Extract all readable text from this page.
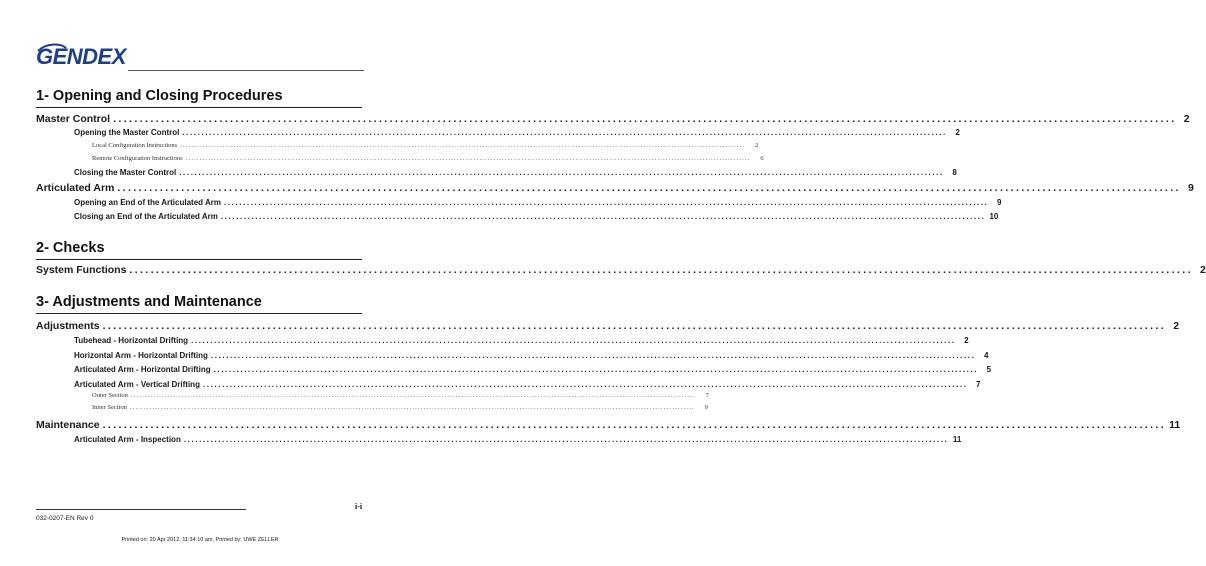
GENDEX
1- Opening and Closing Procedures
Master Control ........................................................................................................................................................................................................ 2
Opening the Master Control ........................................................................................................................................................................................................	2
Local Configuration Instructions ........................................................................................................................................................................................................	2
Remote Configuration Instructions ........................................................................................................................................................................................................	6
Closing the Master Control ........................................................................................................................................................................................................	8
Articulated Arm ........................................................................................................................................................................................................ 9
Opening an End of the Articulated Arm ........................................................................................................................................................................................................	9
Closing an End of the Articulated Arm ........................................................................................................................................................................................................ 10
2- Checks
System Functions ........................................................................................................................................................................................................ 2
3- Adjustments and Maintenance
Adjustments ........................................................................................................................................................................................................ 2
Tubehead - Horizontal Drifting ........................................................................................................................................................................................................	2
Horizontal Arm - Horizontal Drifting ........................................................................................................................................................................................................	4
Articulated Arm - Horizontal Drifting ........................................................................................................................................................................................................	5
Articulated Arm - Vertical Drifting ........................................................................................................................................................................................................	7
Outer Section ........................................................................................................................................................................................................	7
Inner Section ........................................................................................................................................................................................................	9
Maintenance ........................................................................................................................................................................................................ 11
Articulated Arm - Inspection ........................................................................................................................................................................................................ 11
032-0207-EN Rev 0
i-i
Printed on: 20 Apr 2012, 11:34:10 am, Printed by: UWE ZELLER
